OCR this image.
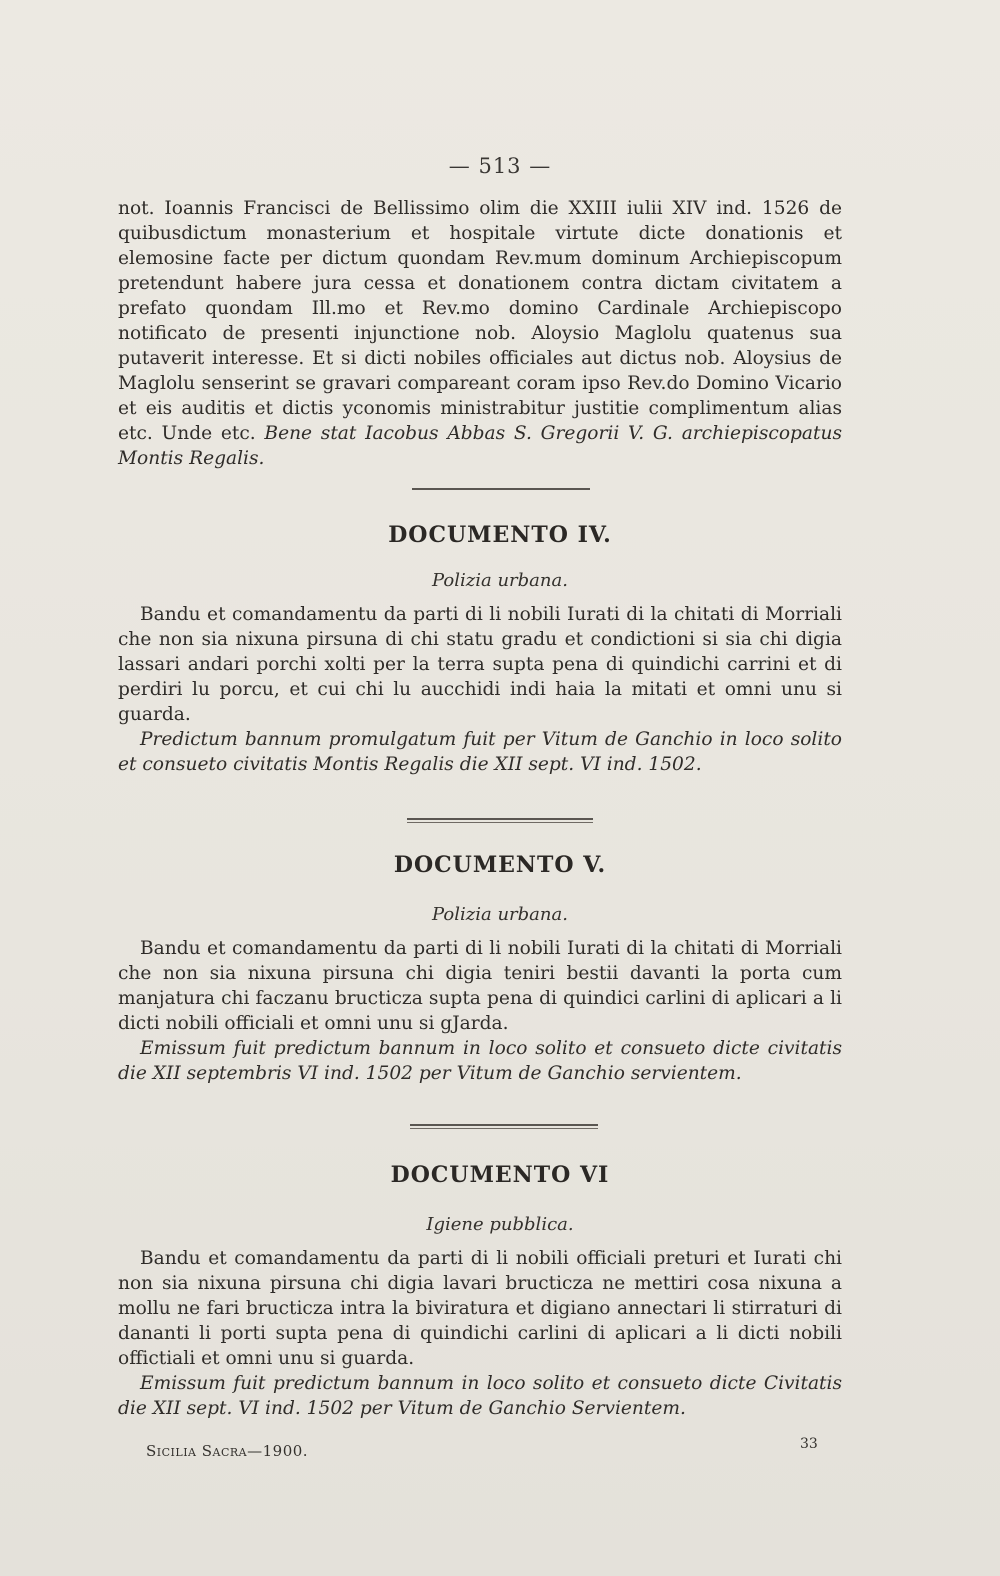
— 513 —

not. Ioannis Francisci de Bellissimo olim die XXIII iulii XIV ind. 1526 de quibusdictum monasterium et hospitale virtute dicte donationis et elemosine facte per dictum quondam Rev.mum dominum Archiepiscopum pretendunt habere jura cessa et donationem contra dictam civitatem a prefato quondam Ill.mo et Rev.mo domino Cardinale Archiepiscopo notificato de presenti injunctione nob. Aloysio Maglolu quatenus sua putaverit interesse. Et si dicti nobiles officiales aut dictus nob. Aloysius de Maglolu senserint se gravari compareant coram ipso Rev.do Domino Vicario et eis auditis et dictis yconomis ministrabitur justitie complimentum alias etc. Unde etc. Bene stat Iacobus Abbas S. Gregorii V. G. archiepiscopatus Montis Regalis.

DOCUMENTO IV.
Polizia urbana.

Bandu et comandamentu da parti di li nobili Iurati di la chitati di Morriali che non sia nixuna pirsuna di chi statu gradu et condictioni si sia chi digia lassari andari porchi xolti per la terra supta pena di quindichi carrini et di perdiri lu porcu, et cui chi lu aucchidi indi haia la mitati et omni unu si guarda.

Predictum bannum promulgatum fuit per Vitum de Ganchio in loco solito et consueto civitatis Montis Regalis die XII sept. VI ind. 1502.

DOCUMENTO V.
Polizia urbana.

Bandu et comandamentu da parti di li nobili Iurati di la chitati di Morriali che non sia nixuna pirsuna chi digia teniri bestii davanti la porta cum manjatura chi faczanu bructicza supta pena di quindici carlini di aplicari a li dicti nobili officiali et omni unu si gJarda.

Emissum fuit predictum bannum in loco solito et consueto dicte civitatis die XII septembris VI ind. 1502 per Vitum de Ganchio servientem.

DOCUMENTO VI
Igiene pubblica.

Bandu et comandamentu da parti di li nobili officiali preturi et Iurati chi non sia nixuna pirsuna chi digia lavari bructicza ne mettiri cosa nixuna a mollu ne fari bructicza intra la biviratura et digiano annectari li stirraturi di dananti li porti supta pena di quindichi carlini di aplicari a li dicti nobili offictiali et omni unu si guarda.

Emissum fuit predictum bannum in loco solito et consueto dicte Civitatis die XII sept. VI ind. 1502 per Vitum de Ganchio Servientem.

Sicilia Sacra—1900.	33
